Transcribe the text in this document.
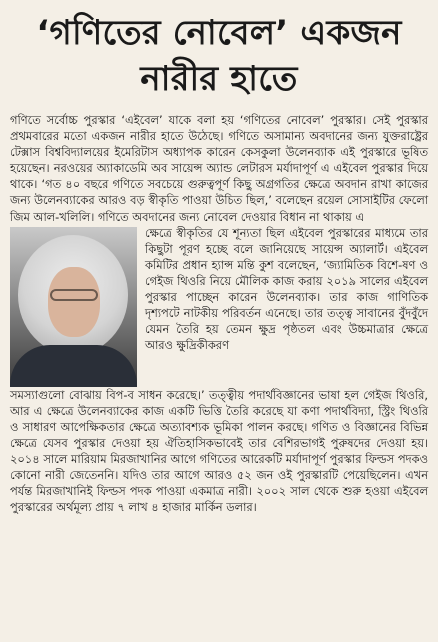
‘গণিতের নোবেল’ একজন
নারীর হাতে

গণিতে সর্বোচ্চ পুরস্কার ‘এইবেল’ যাকে বলা হয় ‘গণিতের নোবেল’ পুরস্কার। সেই পুরস্কার প্রথমবারের মতো একজন নারীর হাতে উঠেছে। গণিতে অসামান্য অবদানের জন্য যুক্তরাষ্ট্রের টেক্সাস বিশ্ববিদ্যালয়ের ইমেরিটাস অধ্যাপক কারেন কেসকুলা উলেনব্যাক এই পুরস্কারে ভূষিত হয়েছেন। নরওয়ের অ্যাকাডেমি অব সায়েন্স অ্যান্ড লেটারস মর্যাদাপূর্ণ এ এইবেল পুরস্কার দিয়ে থাকে। ‘গত ৪০ বছরে গণিতে সবচেয়ে গুরুত্বপূর্ণ কিছু অগ্রগতির ক্ষেত্রে অবদান রাখা কাজের জন্য উলেনব্যাকের আরও বড় স্বীকৃতি পাওয়া উচিত ছিল,’ বলেছেন রয়েল সোসাইটির ফেলো জিম আল-খলিলি। গণিতে অবদানের জন্য নোবেল দেওয়ার বিধান না থাকায় এ

ক্ষেত্রে স্বীকৃতির যে শূন্যতা ছিল এইবেল পুরস্কারের মাধ্যমে তার কিছুটা পূরণ হচ্ছে বলে জানিয়েছে সায়েন্স অ্যালার্ট। এইবেল কমিটির প্রধান হ্যান্স মন্তি কুশ বলেছেন, ‘জ্যামিতিক বিশে-ষণ ও গেইজ থিওরি নিয়ে মৌলিক কাজ করায় ২০১৯ সালের এইবেল পুরস্কার পাচ্ছেন কারেন উলেনব্যাক। তার কাজ গাণিতিক দৃশ্যপটে নাটকীয় পরিবর্তন এনেছে। তার তত্ত্ব সাবানের বুঁদবুঁদে যেমন তৈরি হয় তেমন ক্ষুদ্র পৃষ্ঠতল এবং উচ্চমাত্রার ক্ষেত্রে আরও ক্ষুদ্রিকীকরণ

সমস্যাগুলো বোঝায় বিপ-ব সাধন করেছে।’ তত্ত্বীয় পদার্থবিজ্ঞানের ভাষা হল গেইজ থিওরি, আর এ ক্ষেত্রে উলেনব্যাকের কাজ একটি ভিত্তি তৈরি করেছে যা কণা পদার্থবিদ্যা, স্ট্রিং থিওরি ও সাধারণ আপেক্ষিকতার ক্ষেত্রে অত্যাবশ্যক ভূমিকা পালন করছে। গণিত ও বিজ্ঞানের বিভিন্ন ক্ষেত্রে যেসব পুরস্কার দেওয়া হয় ঐতিহাসিকভাবেই তার বেশিরভাগই পুরুষদের দেওয়া হয়। ২০১৪ সালে মারিয়াম মিরজাখানির আগে গণিতের আরেকটি মর্যাদাপূর্ণ পুরস্কার ফিল্ডস পদকও কোনো নারী জেতেননি। যদিও তার আগে আরও ৫২ জন ওই পুরস্কারটি পেয়েছিলেন। এখন পর্যন্ত মিরজাখানিই ফিল্ডস পদক পাওয়া একমাত্র নারী। ২০০২ সাল থেকে শুরু হওয়া এইবেল পুরস্কারের অর্থমূল্য প্রায় ৭ লাখ ৪ হাজার মার্কিন ডলার।
